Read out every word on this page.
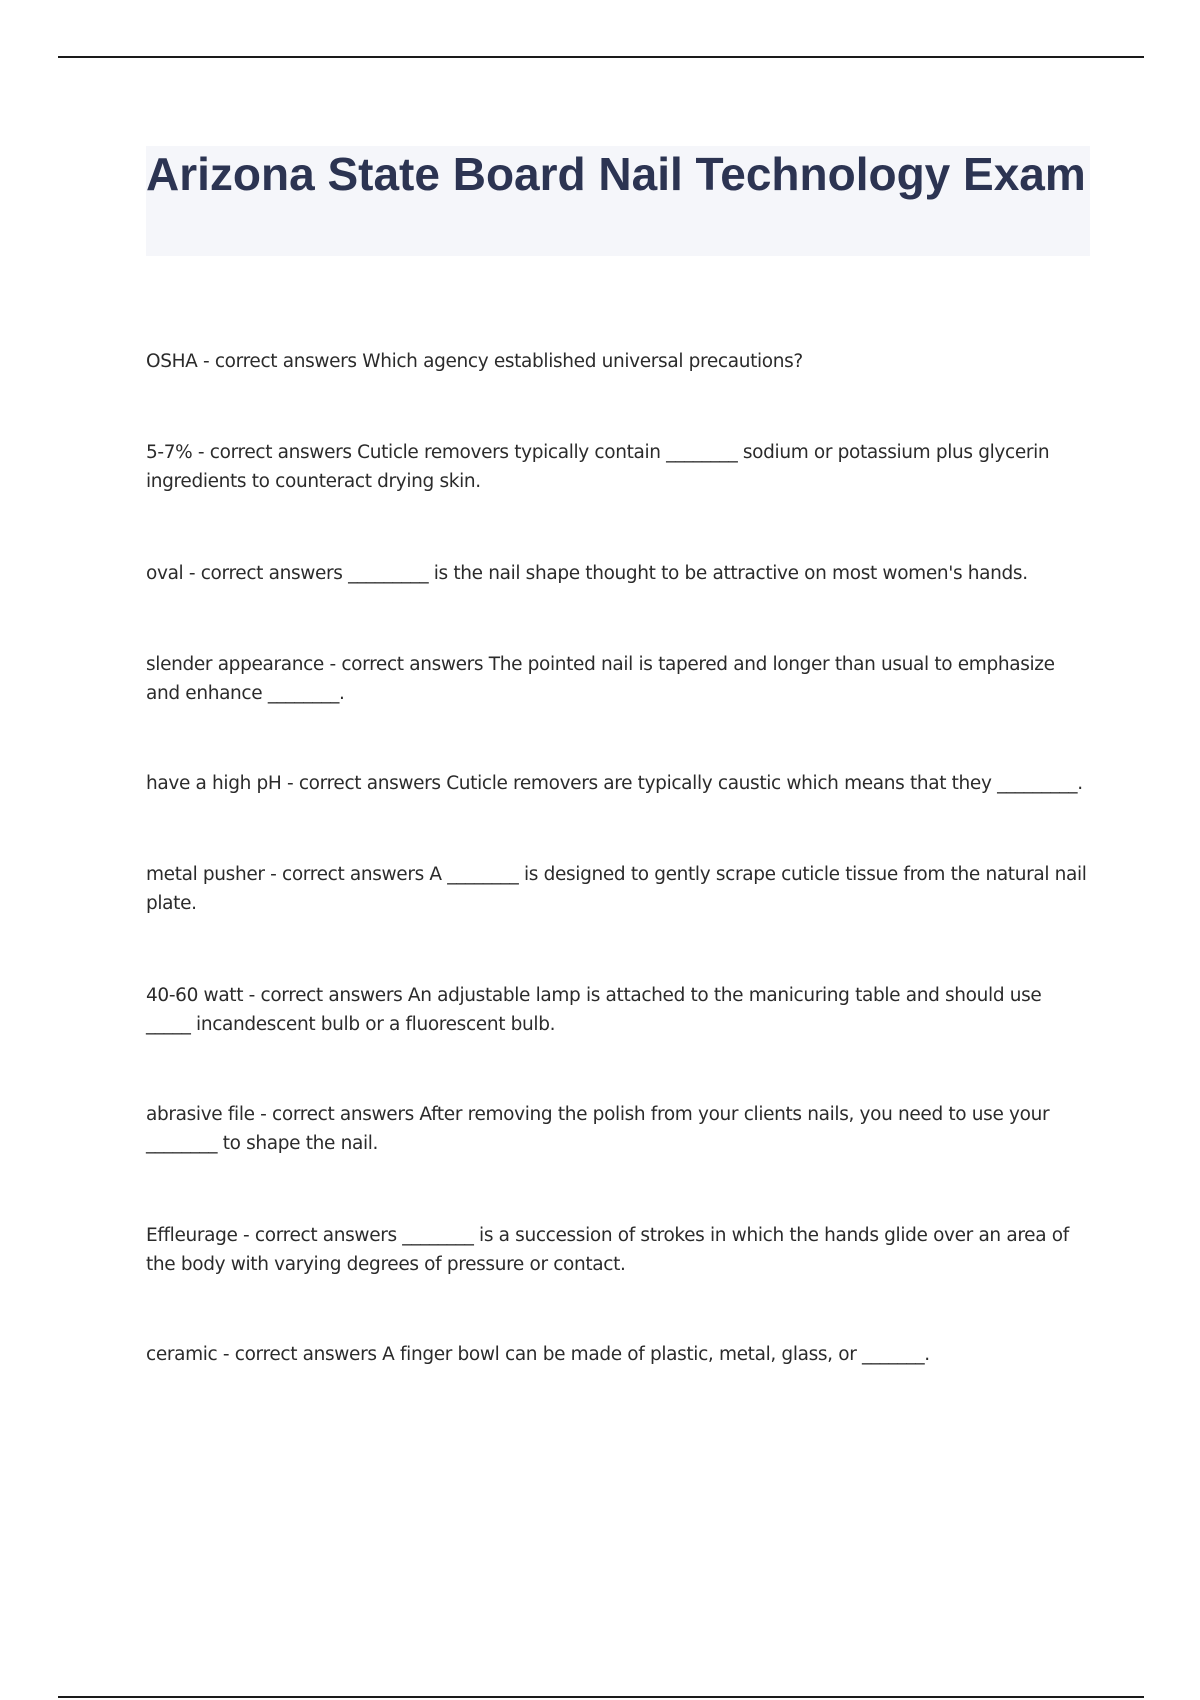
Arizona State Board Nail Technology Exam

OSHA - correct answers Which agency established universal precautions?

5-7% - correct answers Cuticle removers typically contain ________ sodium or potassium plus glycerin ingredients to counteract drying skin.

oval - correct answers _________ is the nail shape thought to be attractive on most women's hands.

slender appearance - correct answers The pointed nail is tapered and longer than usual to emphasize and enhance ________.

have a high pH - correct answers Cuticle removers are typically caustic which means that they _________.

metal pusher - correct answers A ________ is designed to gently scrape cuticle tissue from the natural nail plate.

40-60 watt - correct answers An adjustable lamp is attached to the manicuring table and should use _____ incandescent bulb or a fluorescent bulb.

abrasive file - correct answers After removing the polish from your clients nails, you need to use your ________ to shape the nail.

Effleurage - correct answers ________ is a succession of strokes in which the hands glide over an area of the body with varying degrees of pressure or contact.

ceramic - correct answers A finger bowl can be made of plastic, metal, glass, or _______.
